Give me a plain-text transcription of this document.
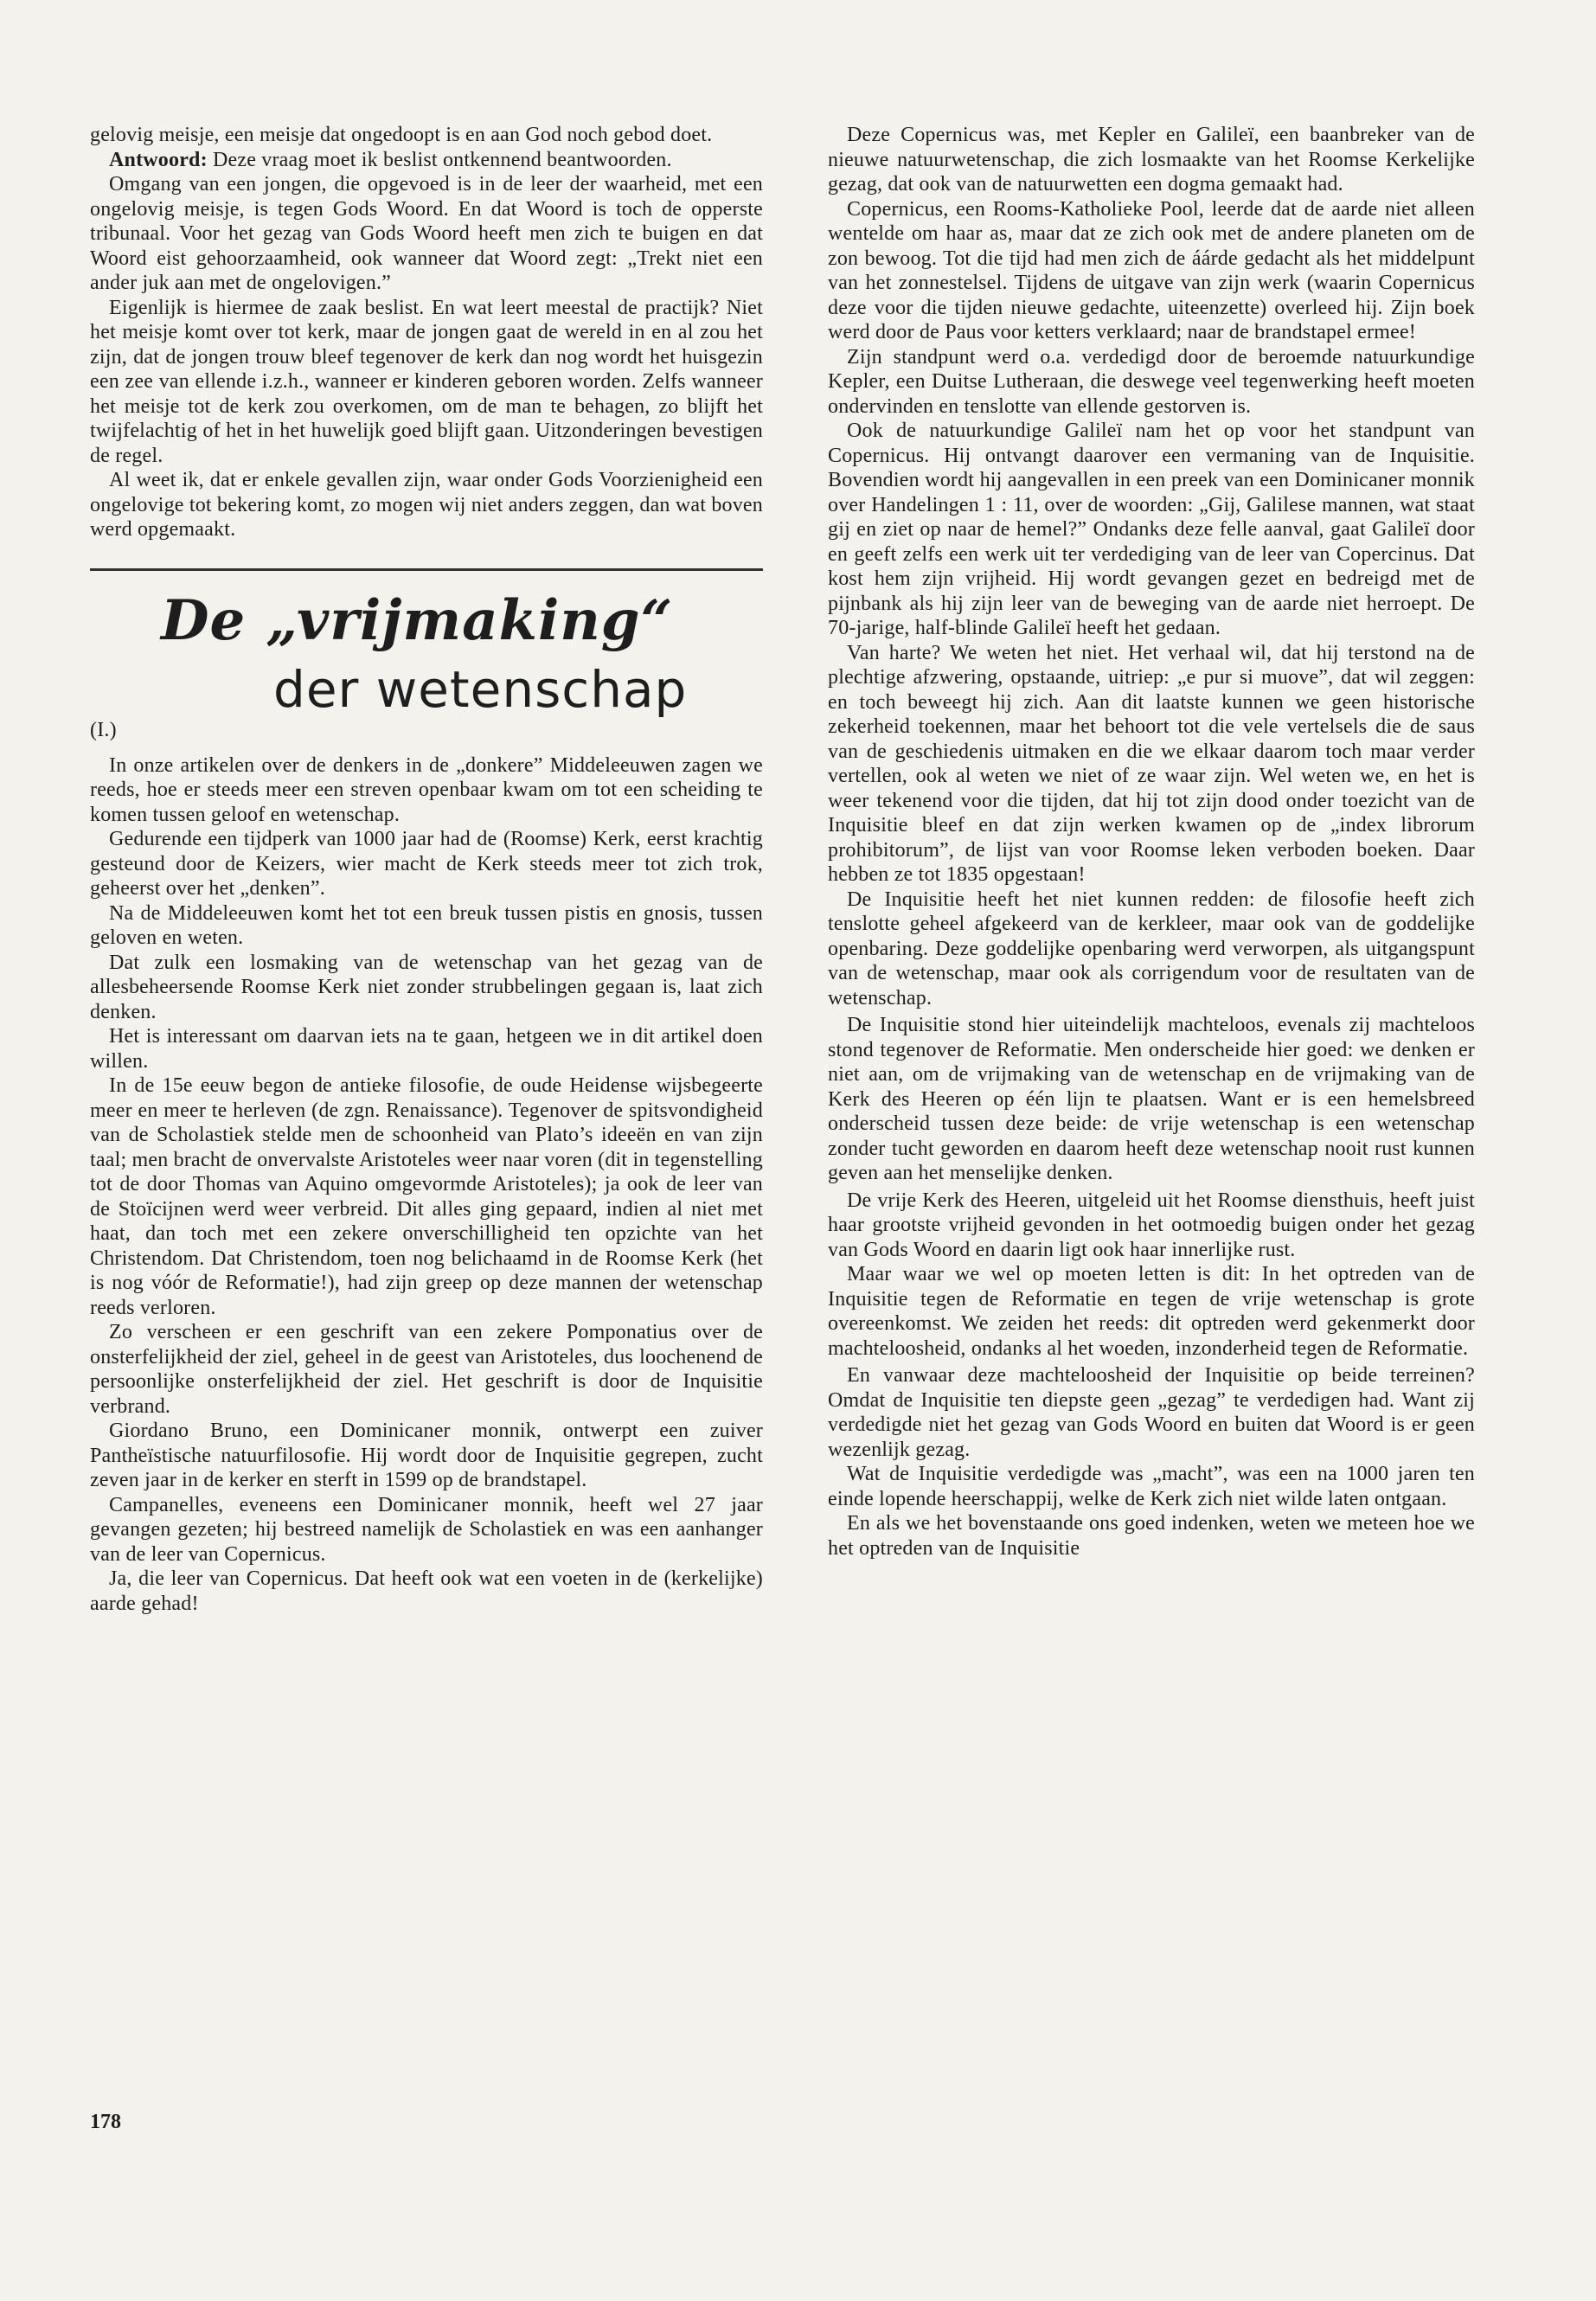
gelovig meisje, een meisje dat ongedoopt is en aan God noch gebod doet.

Antwoord: Deze vraag moet ik beslist ontkennend beantwoorden.

Omgang van een jongen, die opgevoed is in de leer der waarheid, met een ongelovig meisje, is tegen Gods Woord. En dat Woord is toch de opperste tribunaal. Voor het gezag van Gods Woord heeft men zich te buigen en dat Woord eist gehoorzaamheid, ook wanneer dat Woord zegt: „Trekt niet een ander juk aan met de ongelovigen.”

Eigenlijk is hiermee de zaak beslist. En wat leert meestal de practijk? Niet het meisje komt over tot kerk, maar de jongen gaat de wereld in en al zou het zijn, dat de jongen trouw bleef tegenover de kerk dan nog wordt het huisgezin een zee van ellende i.z.h., wanneer er kinderen geboren worden. Zelfs wanneer het meisje tot de kerk zou overkomen, om de man te behagen, zo blijft het twijfelachtig of het in het huwelijk goed blijft gaan. Uitzonderingen bevestigen de regel.

Al weet ik, dat er enkele gevallen zijn, waar onder Gods Voorzienigheid een ongelovige tot bekering komt, zo mogen wij niet anders zeggen, dan wat boven werd opgemaakt.

De „vrijmaking“
der wetenschap
(I.)

In onze artikelen over de denkers in de „donkere” Middeleeuwen zagen we reeds, hoe er steeds meer een streven openbaar kwam om tot een scheiding te komen tussen geloof en wetenschap.

Gedurende een tijdperk van 1000 jaar had de (Roomse) Kerk, eerst krachtig gesteund door de Keizers, wier macht de Kerk steeds meer tot zich trok, geheerst over het „denken”.

Na de Middeleeuwen komt het tot een breuk tussen pistis en gnosis, tussen geloven en weten.

Dat zulk een losmaking van de wetenschap van het gezag van de allesbeheersende Roomse Kerk niet zonder strubbelingen gegaan is, laat zich denken.

Het is interessant om daarvan iets na te gaan, hetgeen we in dit artikel doen willen.

In de 15e eeuw begon de antieke filosofie, de oude Heidense wijsbegeerte meer en meer te herleven (de zgn. Renaissance). Tegenover de spitsvondigheid van de Scholastiek stelde men de schoonheid van Plato’s ideeën en van zijn taal; men bracht de onvervalste Aristoteles weer naar voren (dit in tegenstelling tot de door Thomas van Aquino omgevormde Aristoteles); ja ook de leer van de Stoïcijnen werd weer verbreid. Dit alles ging gepaard, indien al niet met haat, dan toch met een zekere onverschilligheid ten opzichte van het Christendom. Dat Christendom, toen nog belichaamd in de Roomse Kerk (het is nog vóór de Reformatie!), had zijn greep op deze mannen der wetenschap reeds verloren.

Zo verscheen er een geschrift van een zekere Pomponatius over de onsterfelijkheid der ziel, geheel in de geest van Aristoteles, dus loochenend de persoonlijke onsterfelijkheid der ziel. Het geschrift is door de Inquisitie verbrand.

Giordano Bruno, een Dominicaner monnik, ontwerpt een zuiver Pantheïstische natuurfilosofie. Hij wordt door de Inquisitie gegrepen, zucht zeven jaar in de kerker en sterft in 1599 op de brandstapel.

Campanelles, eveneens een Dominicaner monnik, heeft wel 27 jaar gevangen gezeten; hij bestreed namelijk de Scholastiek en was een aanhanger van de leer van Copernicus.

Ja, die leer van Copernicus. Dat heeft ook wat een voeten in de (kerkelijke) aarde gehad!

Deze Copernicus was, met Kepler en Galileï, een baanbreker van de nieuwe natuurwetenschap, die zich losmaakte van het Roomse Kerkelijke gezag, dat ook van de natuurwetten een dogma gemaakt had.

Copernicus, een Rooms-Katholieke Pool, leerde dat de aarde niet alleen wentelde om haar as, maar dat ze zich ook met de andere planeten om de zon bewoog. Tot die tijd had men zich de áárde gedacht als het middelpunt van het zonnestelsel. Tijdens de uitgave van zijn werk (waarin Copernicus deze voor die tijden nieuwe gedachte, uiteenzette) overleed hij. Zijn boek werd door de Paus voor ketters verklaard; naar de brandstapel ermee!

Zijn standpunt werd o.a. verdedigd door de beroemde natuurkundige Kepler, een Duitse Lutheraan, die deswege veel tegenwerking heeft moeten ondervinden en tenslotte van ellende gestorven is.

Ook de natuurkundige Galileï nam het op voor het standpunt van Copernicus. Hij ontvangt daarover een vermaning van de Inquisitie. Bovendien wordt hij aangevallen in een preek van een Dominicaner monnik over Handelingen 1 : 11, over de woorden: „Gij, Galilese mannen, wat staat gij en ziet op naar de hemel?” Ondanks deze felle aanval, gaat Galileï door en geeft zelfs een werk uit ter verdediging van de leer van Copercinus. Dat kost hem zijn vrijheid. Hij wordt gevangen gezet en bedreigd met de pijnbank als hij zijn leer van de beweging van de aarde niet herroept. De 70-jarige, half-blinde Galileï heeft het gedaan.

Van harte? We weten het niet. Het verhaal wil, dat hij terstond na de plechtige afzwering, opstaande, uitriep: „e pur si muove”, dat wil zeggen: en toch beweegt hij zich. Aan dit laatste kunnen we geen historische zekerheid toekennen, maar het behoort tot die vele vertelsels die de saus van de geschiedenis uitmaken en die we elkaar daarom toch maar verder vertellen, ook al weten we niet of ze waar zijn. Wel weten we, en het is weer tekenend voor die tijden, dat hij tot zijn dood onder toezicht van de Inquisitie bleef en dat zijn werken kwamen op de „index librorum prohibitorum”, de lijst van voor Roomse leken verboden boeken. Daar hebben ze tot 1835 opgestaan!

De Inquisitie heeft het niet kunnen redden: de filosofie heeft zich tenslotte geheel afgekeerd van de kerkleer, maar ook van de goddelijke openbaring. Deze goddelijke openbaring werd verworpen, als uitgangspunt van de wetenschap, maar ook als corrigendum voor de resultaten van de wetenschap.

De Inquisitie stond hier uiteindelijk machteloos, evenals zij machteloos stond tegenover de Reformatie. Men onderscheide hier goed: we denken er niet aan, om de vrijmaking van de wetenschap en de vrijmaking van de Kerk des Heeren op één lijn te plaatsen. Want er is een hemelsbreed onderscheid tussen deze beide: de vrije wetenschap is een wetenschap zonder tucht geworden en daarom heeft deze wetenschap nooit rust kunnen geven aan het menselijke denken.

De vrije Kerk des Heeren, uitgeleid uit het Roomse diensthuis, heeft juist haar grootste vrijheid gevonden in het ootmoedig buigen onder het gezag van Gods Woord en daarin ligt ook haar innerlijke rust.

Maar waar we wel op moeten letten is dit: In het optreden van de Inquisitie tegen de Reformatie en tegen de vrije wetenschap is grote overeenkomst. We zeiden het reeds: dit optreden werd gekenmerkt door machteloosheid, ondanks al het woeden, inzonderheid tegen de Reformatie.

En vanwaar deze machteloosheid der Inquisitie op beide terreinen? Omdat de Inquisitie ten diepste geen „gezag” te verdedigen had. Want zij verdedigde niet het gezag van Gods Woord en buiten dat Woord is er geen wezenlijk gezag.

Wat de Inquisitie verdedigde was „macht”, was een na 1000 jaren ten einde lopende heerschappij, welke de Kerk zich niet wilde laten ontgaan.

En als we het bovenstaande ons goed indenken, weten we meteen hoe we het optreden van de Inquisitie

178
